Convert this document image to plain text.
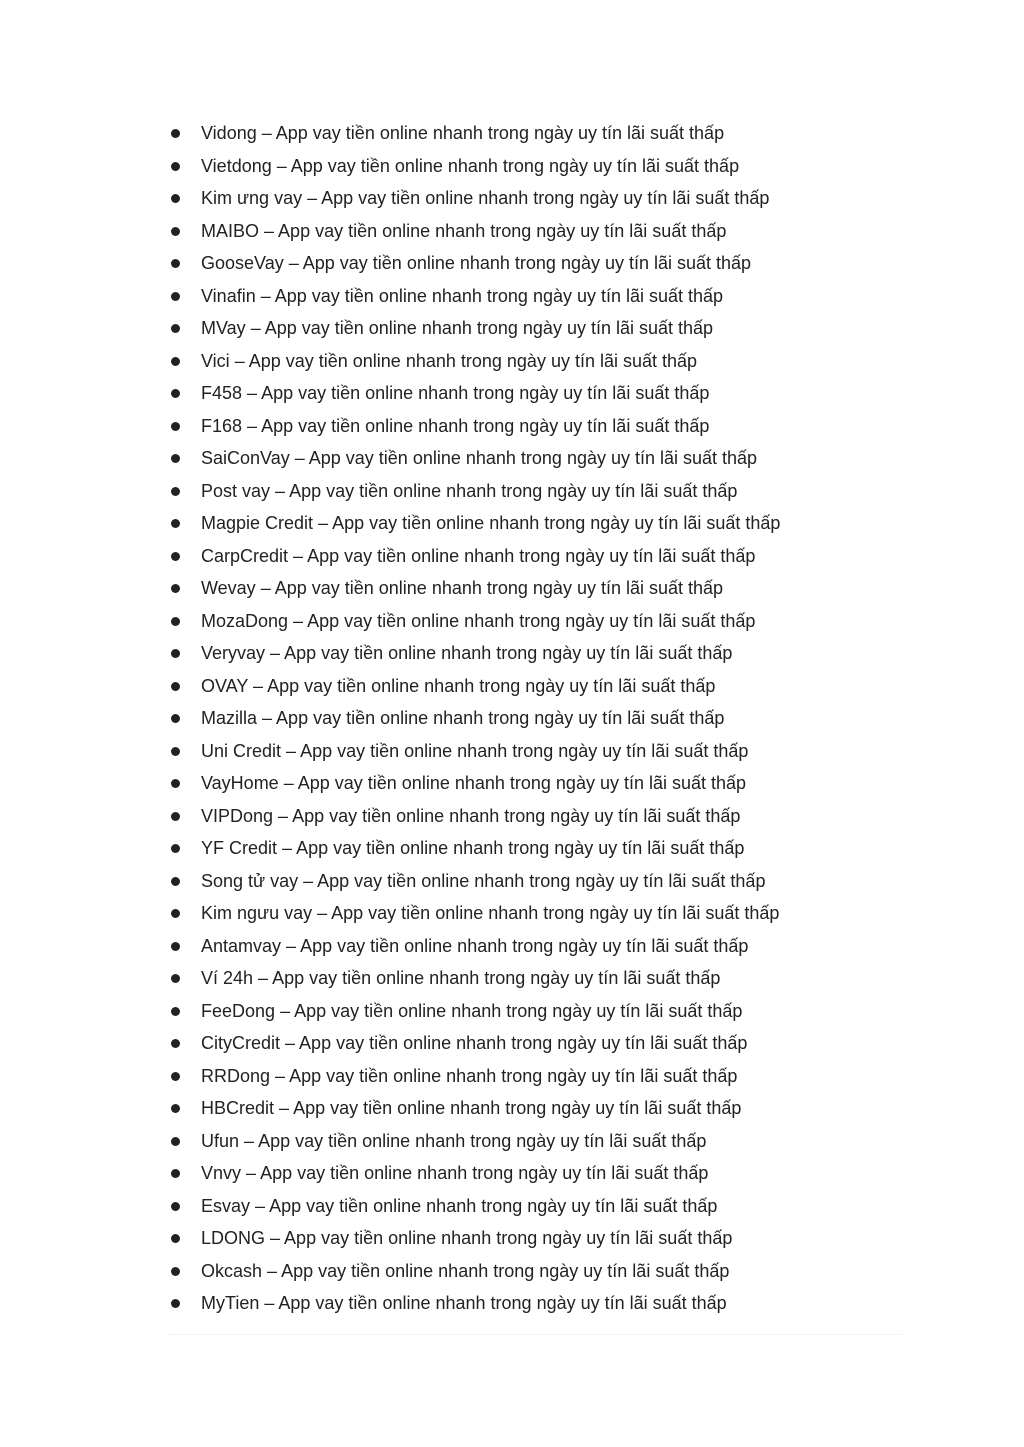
Vidong – App vay tiền online nhanh trong ngày uy tín lãi suất thấp
Vietdong – App vay tiền online nhanh trong ngày uy tín lãi suất thấp
Kim ưng vay – App vay tiền online nhanh trong ngày uy tín lãi suất thấp
MAIBO – App vay tiền online nhanh trong ngày uy tín lãi suất thấp
GooseVay – App vay tiền online nhanh trong ngày uy tín lãi suất thấp
Vinafin – App vay tiền online nhanh trong ngày uy tín lãi suất thấp
MVay – App vay tiền online nhanh trong ngày uy tín lãi suất thấp
Vici – App vay tiền online nhanh trong ngày uy tín lãi suất thấp
F458 – App vay tiền online nhanh trong ngày uy tín lãi suất thấp
F168 – App vay tiền online nhanh trong ngày uy tín lãi suất thấp
SaiConVay – App vay tiền online nhanh trong ngày uy tín lãi suất thấp
Post vay – App vay tiền online nhanh trong ngày uy tín lãi suất thấp
Magpie Credit – App vay tiền online nhanh trong ngày uy tín lãi suất thấp
CarpCredit – App vay tiền online nhanh trong ngày uy tín lãi suất thấp
Wevay – App vay tiền online nhanh trong ngày uy tín lãi suất thấp
MozaDong – App vay tiền online nhanh trong ngày uy tín lãi suất thấp
Veryvay – App vay tiền online nhanh trong ngày uy tín lãi suất thấp
OVAY – App vay tiền online nhanh trong ngày uy tín lãi suất thấp
Mazilla – App vay tiền online nhanh trong ngày uy tín lãi suất thấp
Uni Credit – App vay tiền online nhanh trong ngày uy tín lãi suất thấp
VayHome – App vay tiền online nhanh trong ngày uy tín lãi suất thấp
VIPDong – App vay tiền online nhanh trong ngày uy tín lãi suất thấp
YF Credit – App vay tiền online nhanh trong ngày uy tín lãi suất thấp
Song tử vay – App vay tiền online nhanh trong ngày uy tín lãi suất thấp
Kim ngưu vay – App vay tiền online nhanh trong ngày uy tín lãi suất thấp
Antamvay – App vay tiền online nhanh trong ngày uy tín lãi suất thấp
Ví 24h – App vay tiền online nhanh trong ngày uy tín lãi suất thấp
FeeDong – App vay tiền online nhanh trong ngày uy tín lãi suất thấp
CityCredit – App vay tiền online nhanh trong ngày uy tín lãi suất thấp
RRDong – App vay tiền online nhanh trong ngày uy tín lãi suất thấp
HBCredit – App vay tiền online nhanh trong ngày uy tín lãi suất thấp
Ufun – App vay tiền online nhanh trong ngày uy tín lãi suất thấp
Vnvy – App vay tiền online nhanh trong ngày uy tín lãi suất thấp
Esvay – App vay tiền online nhanh trong ngày uy tín lãi suất thấp
LDONG – App vay tiền online nhanh trong ngày uy tín lãi suất thấp
Okcash – App vay tiền online nhanh trong ngày uy tín lãi suất thấp
MyTien – App vay tiền online nhanh trong ngày uy tín lãi suất thấp
